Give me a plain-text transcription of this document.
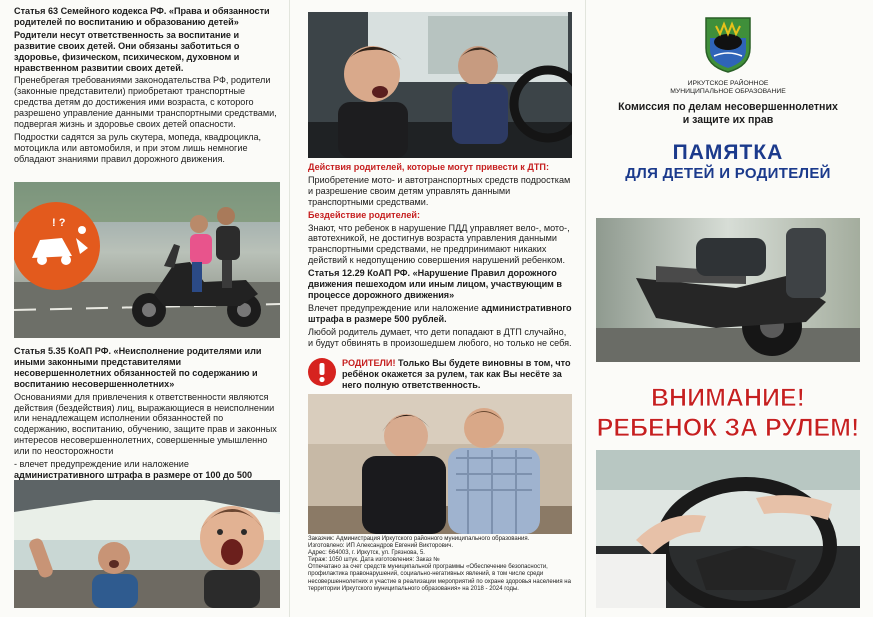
Статья 63 Семейного кодекса РФ. «Права и обязанности родителей по воспитанию и образованию детей»

Родители несут ответственность за воспитание и развитие своих детей. Они обязаны заботиться о здоровье, физическом, психическом, духовном и нравственном развитии своих детей.

Пренебрегая требованиями законодательства РФ, родители (законные представители) приобретают транспортные средства детям до достижения ими возраста, с которого разрешено управление данными транспортными средствами, подвергая жизнь и здоровье своих детей опасности.

Подростки садятся за руль скутера, мопеда, квадроцикла, мотоцикла или автомобиля, и при этом лишь немногие обладают знаниями правил дорожного движения.

! ?

Статья 5.35 КоАП РФ. «Неисполнение родителями или иными законными представителями несовершеннолетних обязанностей по содержанию и воспитанию несовершеннолетних»

Основаниями для привлечения к ответственности являются действия (бездействия) лиц, выражающиеся в неисполнении или ненадлежащем исполнении обязанностей по содержанию, воспитанию, обучению, защите прав и законных интересов несовершеннолетних, совершенные умышленно или по неосторожности

- влечет предупреждение или наложение административного штрафа в размере от 100 до 500

Действия родителей, которые могут привести к ДТП:

Приобретение мото- и автотранспортных средств подросткам и разрешение своим детям управлять данными транспортными средствами.

Бездействие родителей:

Знают, что ребенок в нарушение ПДД управляет вело-, мото-, автотехникой, не достигнув возраста управления данными транспортными средствами, не предпринимают никаких действий к недопущению совершения нарушений ребенком.

Статья 12.29 КоАП РФ. «Нарушение Правил дорожного движения пешеходом или иным лицом, участвующим в процессе дорожного движения»

Влечет предупреждение или наложение административного штрафа в размере 500 рублей.

Любой родитель думает, что дети попадают в ДТП случайно, и будут обвинять в произошедшем любого, но только не себя.

РОДИТЕЛИ! Только Вы будете виновны в том, что ребёнок окажется за рулем, так как Вы несёте за него полную ответственность.

Заказчик: Администрация Иркутского районного муниципального образования.
Изготовлено: ИП Александров Евгений Викторович.
Адрес: 664003, г. Иркутск, ул. Грязнова, 5.
Тираж: 1050 штук. Дата изготовления: Заказ №
Отпечатано за счет средств муниципальной программы «Обеспечение безопасности, профилактика правонарушений, социально-негативных явлений, в том числе среди несовершеннолетних и участие в реализации мероприятий по охране здоровья населения на территории Иркутского муниципального образования» на 2018 - 2024 годы.
ИРКУТСКОЕ РАЙОННОЕ
МУНИЦИПАЛЬНОЕ ОБРАЗОВАНИЕ
Комиссия по делам несовершеннолетних
и защите их прав
ПАМЯТКА
ДЛЯ ДЕТЕЙ И РОДИТЕЛЕЙ
ВНИМАНИЕ!
РЕБЕНОК ЗА РУЛЕМ!
